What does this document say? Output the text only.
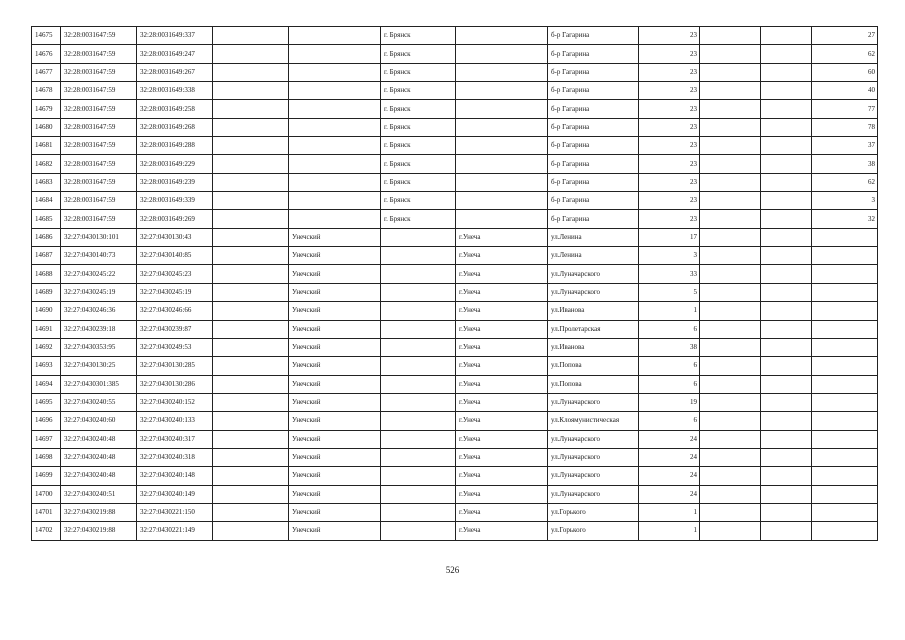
14675	32:28:0031647:59	32:28:0031649:337			г. Брянск		б-р Гагарина	23			27
14676	32:28:0031647:59	32:28:0031649:247			г. Брянск		б-р Гагарина	23			62
14677	32:28:0031647:59	32:28:0031649:267			г. Брянск		б-р Гагарина	23			60
14678	32:28:0031647:59	32:28:0031649:338			г. Брянск		б-р Гагарина	23			40
14679	32:28:0031647:59	32:28:0031649:258			г. Брянск		б-р Гагарина	23			77
14680	32:28:0031647:59	32:28:0031649:268			г. Брянск		б-р Гагарина	23			78
14681	32:28:0031647:59	32:28:0031649:288			г. Брянск		б-р Гагарина	23			37
14682	32:28:0031647:59	32:28:0031649:229			г. Брянск		б-р Гагарина	23			38
14683	32:28:0031647:59	32:28:0031649:239			г. Брянск		б-р Гагарина	23			62
14684	32:28:0031647:59	32:28:0031649:339			г. Брянск		б-р Гагарина	23			3
14685	32:28:0031647:59	32:28:0031649:269			г. Брянск		б-р Гагарина	23			32
14686	32:27:0430130:101	32:27:0430130:43		Унечский		г.Унеча	ул.Ленина	17			
14687	32:27:0430140:73	32:27:0430140:85		Унечский		г.Унеча	ул.Ленина	3			
14688	32:27:0430245:22	32:27:0430245:23		Унечский		г.Унеча	ул.Луначарского	33			
14689	32:27:0430245:19	32:27:0430245:19		Унечский		г.Унеча	ул.Луначарского	5			
14690	32:27:0430246:36	32:27:0430246:66		Унечский		г.Унеча	ул.Иванова	1			
14691	32:27:0430239:18	32:27:0430239:87		Унечский		г.Унеча	ул.Пролетарская	6			
14692	32:27:0430353:95	32:27:0430249:53		Унечский		г.Унеча	ул.Иванова	38			
14693	32:27:0430130:25	32:27:0430130:285		Унечский		г.Унеча	ул.Попова	6			
14694	32:27:0430301:385	32:27:0430130:286		Унечский		г.Унеча	ул.Попова	6			
14695	32:27:0430240:55	32:27:0430240:152		Унечский		г.Унеча	ул.Луначарского	19			
14696	32:27:0430240:60	32:27:0430240:133		Унечский		г.Унеча	ул.Клоямунистическая	6			
14697	32:27:0430240:48	32:27:0430240:317		Унечский		г.Унеча	ул.Луначарского	24			
14698	32:27:0430240:48	32:27:0430240:318		Унечский		г.Унеча	ул.Луначарского	24			
14699	32:27:0430240:48	32:27:0430240:148		Унечский		г.Унеча	ул.Луначарского	24			
14700	32:27:0430240:51	32:27:0430240:149		Унечский		г.Унеча	ул.Луначарского	24			
14701	32:27:0430219:88	32:27:0430221:150		Унечский		г.Унеча	ул.Горького	1			
14702	32:27:0430219:88	32:27:0430221:149		Унечский		г.Унеча	ул.Горького	1			
526
